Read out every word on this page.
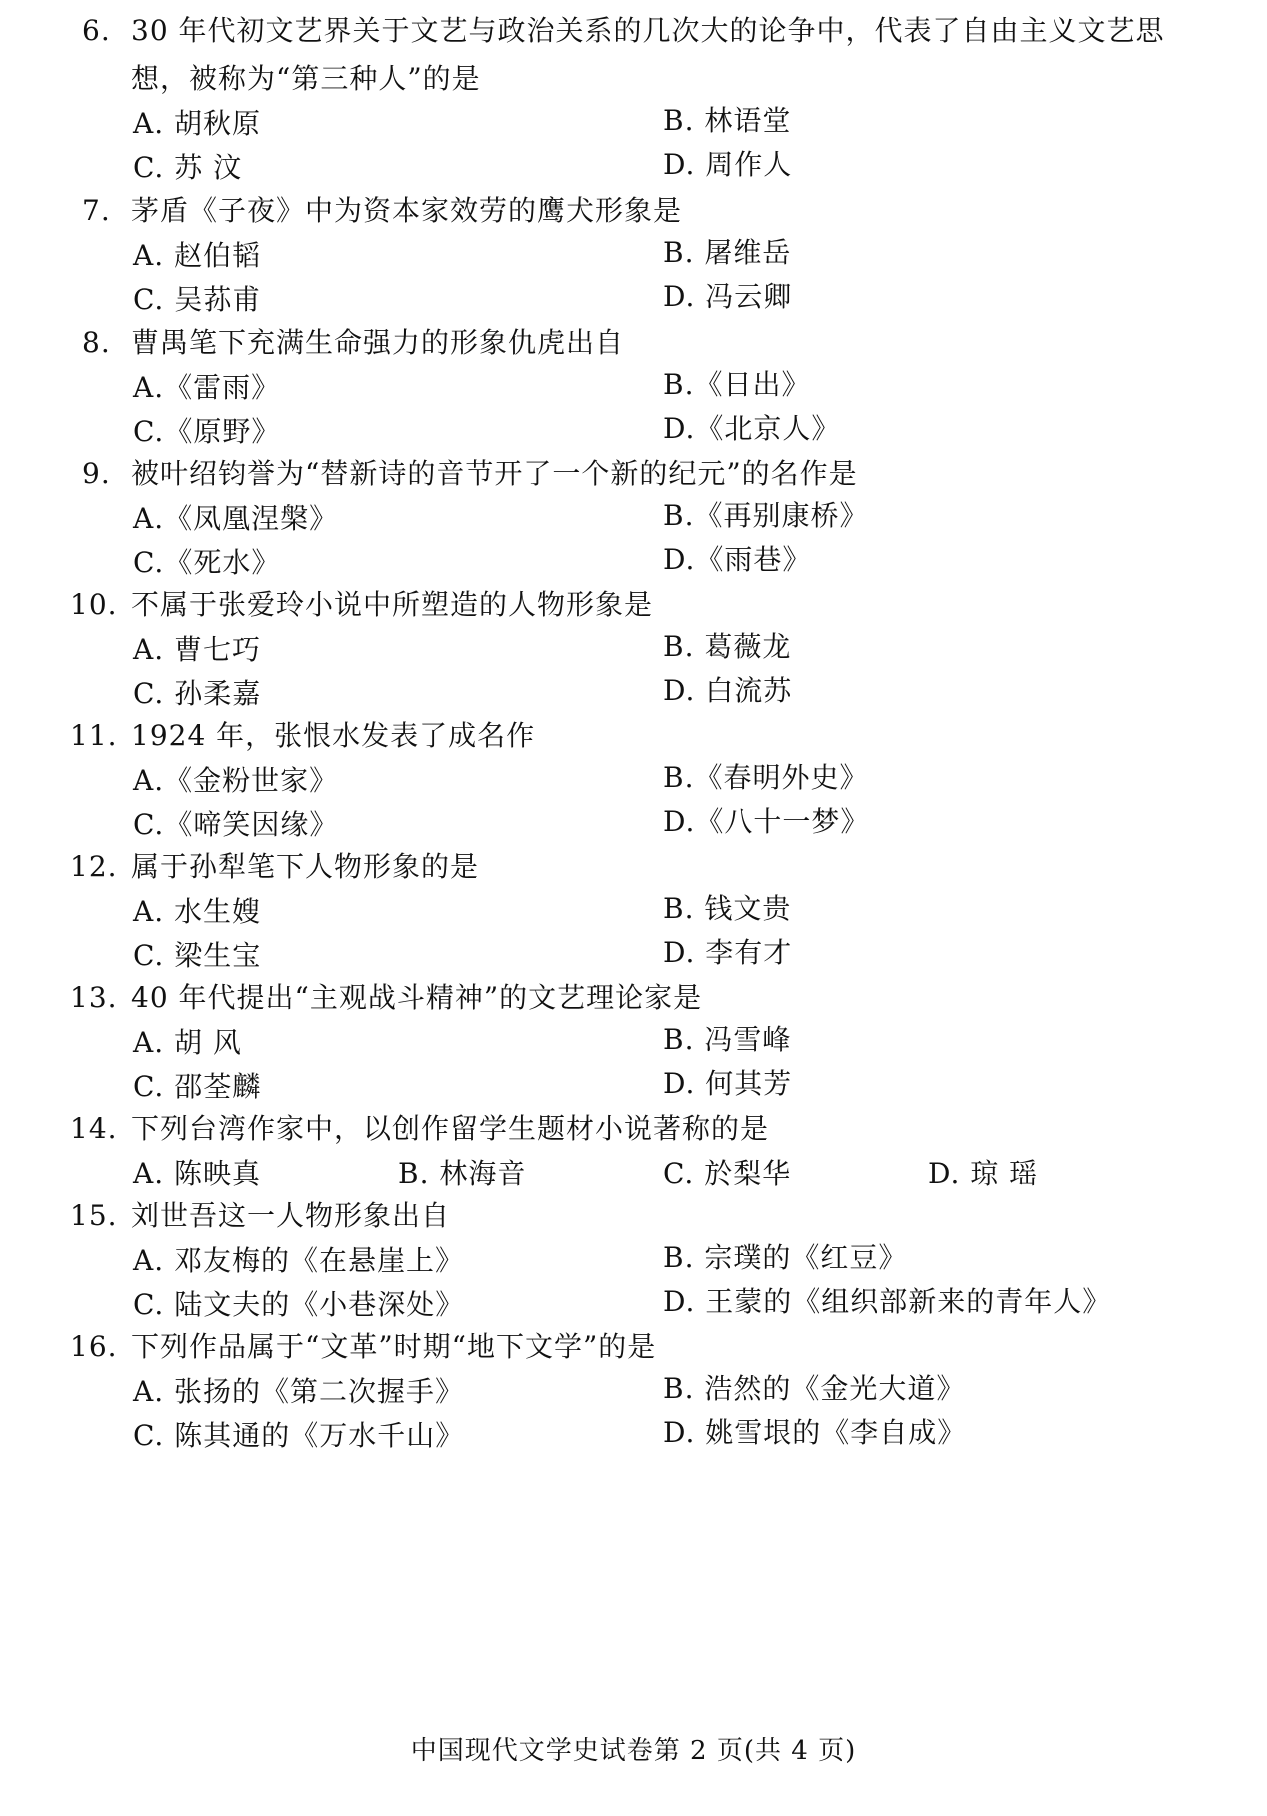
6. 30 年代初文艺界关于文艺与政治关系的几次大的论争中，代表了自由主义文艺思
想，被称为“第三种人”的是
A. 胡秋原	B. 林语堂
C. 苏 汶	D. 周作人
7. 茅盾《子夜》中为资本家效劳的鹰犬形象是
A. 赵伯韬	B. 屠维岳
C. 吴荪甫	D. 冯云卿
8. 曹禺笔下充满生命强力的形象仇虎出自
A.《雷雨》	B.《日出》
C.《原野》	D.《北京人》
9. 被叶绍钧誉为“替新诗的音节开了一个新的纪元”的名作是
A.《凤凰涅槃》	B.《再别康桥》
C.《死水》	D.《雨巷》
10. 不属于张爱玲小说中所塑造的人物形象是
A. 曹七巧	B. 葛薇龙
C. 孙柔嘉	D. 白流苏
11. 1924 年，张恨水发表了成名作
A.《金粉世家》	B.《春明外史》
C.《啼笑因缘》	D.《八十一梦》
12. 属于孙犁笔下人物形象的是
A. 水生嫂	B. 钱文贵
C. 梁生宝	D. 李有才
13. 40 年代提出“主观战斗精神”的文艺理论家是
A. 胡 风	B. 冯雪峰
C. 邵荃麟	D. 何其芳
14. 下列台湾作家中，以创作留学生题材小说著称的是
A. 陈映真	B. 林海音	C. 於梨华	D. 琼 瑶
15. 刘世吾这一人物形象出自
A. 邓友梅的《在悬崖上》	B. 宗璞的《红豆》
C. 陆文夫的《小巷深处》	D. 王蒙的《组织部新来的青年人》
16. 下列作品属于“文革”时期“地下文学”的是
A. 张扬的《第二次握手》	B. 浩然的《金光大道》
C. 陈其通的《万水千山》	D. 姚雪垠的《李自成》
中国现代文学史试卷第 2 页(共 4 页)
